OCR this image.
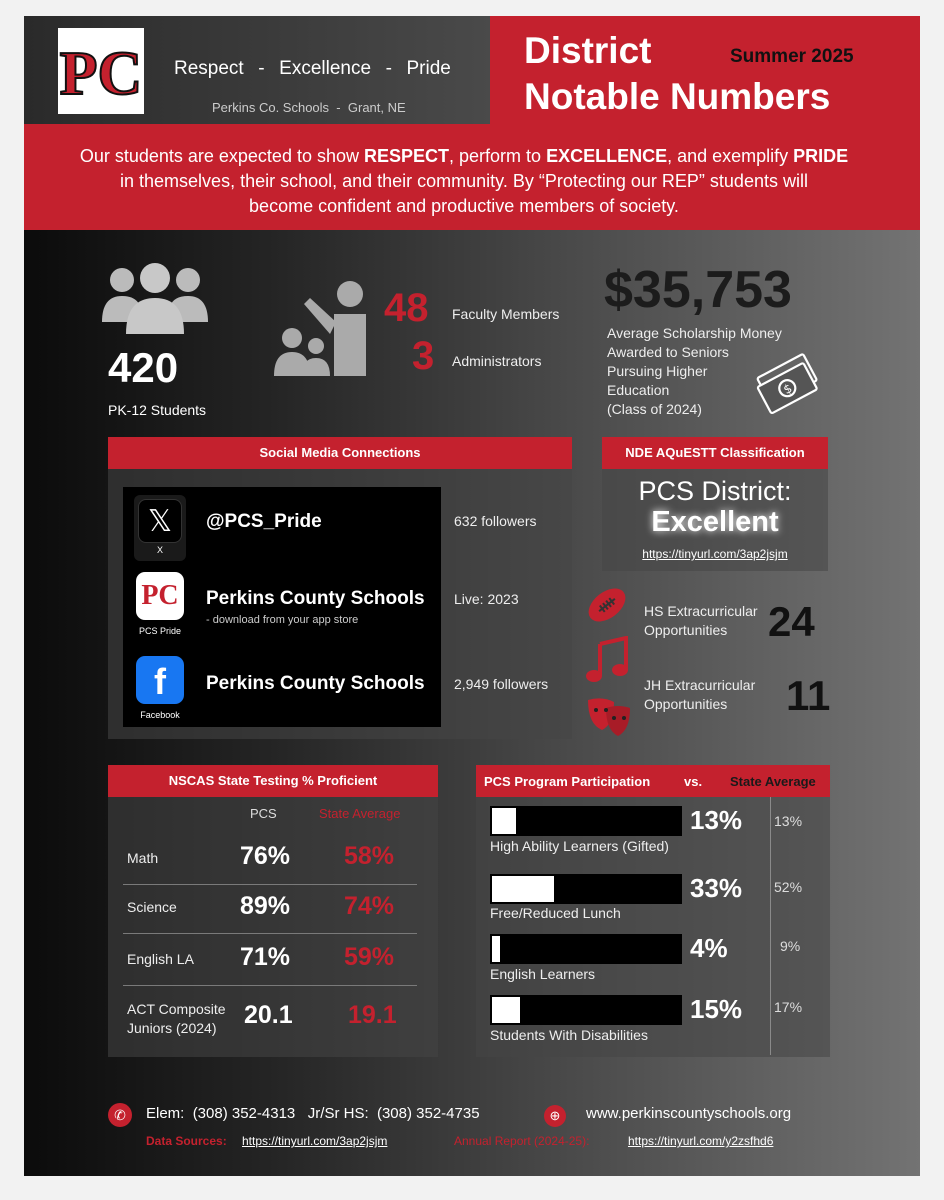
PC Respect - Excellence - Pride
Perkins Co. Schools - Grant, NE
District
Notable Numbers
Summer 2025
Our students are expected to show RESPECT, perform to EXCELLENCE, and exemplify PRIDE
in themselves, their school, and their community. By “Protecting our REP” students will
become confident and productive members of society.
420
PK-12 Students
48
3
Faculty Members
Administrators
$35,753
Average Scholarship Money
Awarded to Seniors
Pursuing Higher
Education
(Class of 2024)
$
Social Media Connections
𝕏
X
@PCS_Pride	632 followers
PC
PCS Pride
Perkins County Schools
- download from your app store
Live: 2023
f
Facebook
Perkins County Schools 2,949 followers
NDE AQuESTT Classification
PCS District:
Excellent
https://tinyurl.com/3ap2jsjm
HS Extracurricular
Opportunities 24
JH Extracurricular
Opportunities	11
NSCAS State Testing % Proficient
PCS	State Average
Math	76% 58%
Science	89% 74%
English LA 71% 59%
ACT Composite
Juniors (2024)	20.1 19.1
PCS Program Participation	vs. State Average
13% 13%
High Ability Learners (Gifted)
33% 52%
Free/Reduced Lunch
4%	9%
English Learners
15% 17%
Students With Disabilities
✆	Elem: (308) 352-4313 Jr/Sr HS: (308) 352-4735	⊕	www.perkinscountyschools.org
Data Sources: https://tinyurl.com/3ap2jsjm	Annual Report (2024-25):	https://tinyurl.com/y2zsfhd6
